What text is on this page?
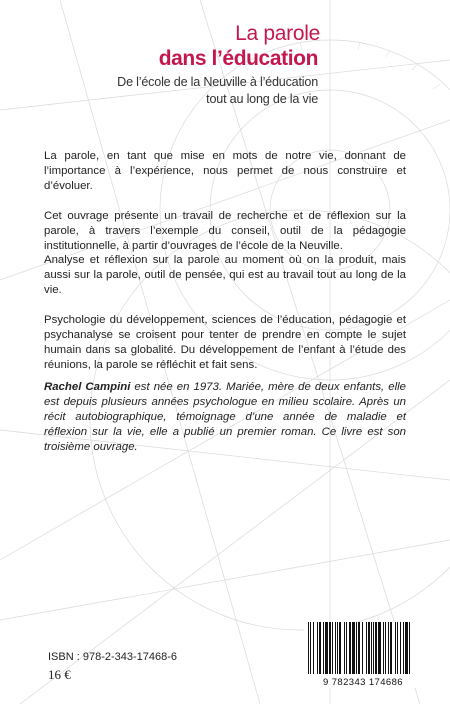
La parole
dans l’éducation
De l’école de la Neuville à l’éducation
tout au long de la vie

La parole, en tant que mise en mots de notre vie, donnant de l’importance à l’expérience, nous permet de nous construire et d’évoluer.

Cet ouvrage présente un travail de recherche et de réflexion sur la parole, à travers l’exemple du conseil, outil de la pédagogie institutionnelle, à partir d’ouvrages de l’école de la Neuville.

Analyse et réflexion sur la parole au moment où on la produit, mais aussi sur la parole, outil de pensée, qui est au travail tout au long de la vie.

Psychologie du développement, sciences de l’éducation, pédagogie et psychanalyse se croisent pour tenter de prendre en compte le sujet humain dans sa globalité. Du développement de l’enfant à l’étude des réunions, la parole se réfléchit et fait sens.

Rachel Campini est née en 1973. Mariée, mère de deux enfants, elle est depuis plusieurs années psychologue en milieu scolaire. Après un récit autobiographique, témoignage d’une année de maladie et réflexion sur la vie, elle a publié un premier roman. Ce livre est son troisième ouvrage.
ISBN : 978-2-343-17468-6
16 €
9 782343 174686
